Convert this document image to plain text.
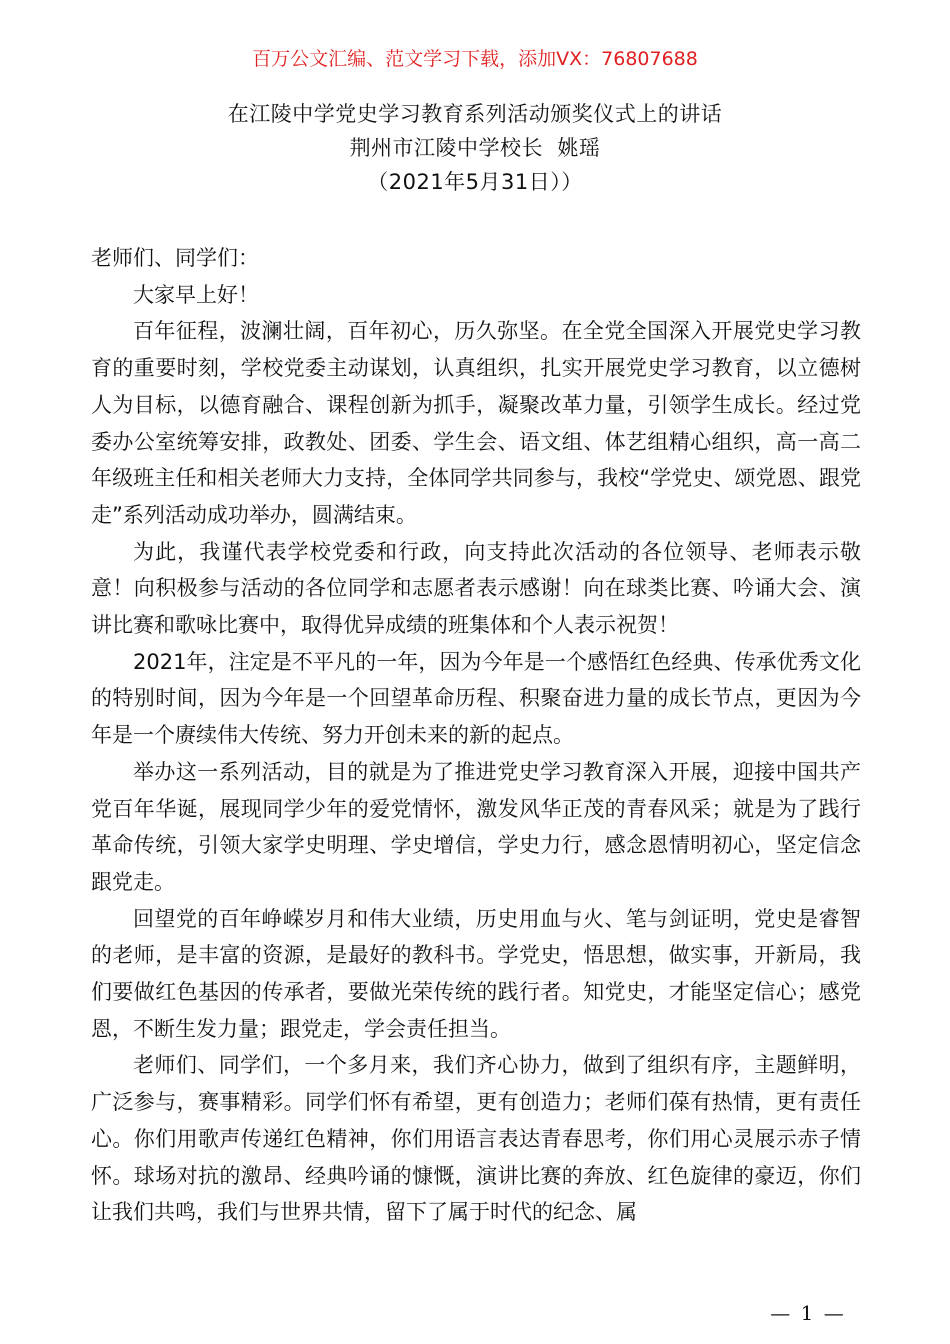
百万公文汇编、范文学习下载，添加VX：76807688
在江陵中学党史学习教育系列活动颁奖仪式上的讲话
荆州市江陵中学校长  姚瑶
（2021年5月31日））

老师们、同学们：

大家早上好！

百年征程，波澜壮阔，百年初心，历久弥坚。在全党全国深入开展党史学习教育的重要时刻，学校党委主动谋划，认真组织，扎实开展党史学习教育，以立德树人为目标，以德育融合、课程创新为抓手，凝聚改革力量，引领学生成长。经过党委办公室统筹安排，政教处、团委、学生会、语文组、体艺组精心组织，高一高二年级班主任和相关老师大力支持，全体同学共同参与，我校“学党史、颂党恩、跟党走”系列活动成功举办，圆满结束。

为此，我谨代表学校党委和行政，向支持此次活动的各位领导、老师表示敬意！向积极参与活动的各位同学和志愿者表示感谢！向在球类比赛、吟诵大会、演讲比赛和歌咏比赛中，取得优异成绩的班集体和个人表示祝贺！

2021年，注定是不平凡的一年，因为今年是一个感悟红色经典、传承优秀文化的特别时间，因为今年是一个回望革命历程、积聚奋进力量的成长节点，更因为今年是一个赓续伟大传统、努力开创未来的新的起点。

举办这一系列活动，目的就是为了推进党史学习教育深入开展，迎接中国共产党百年华诞，展现同学少年的爱党情怀，激发风华正茂的青春风采；就是为了践行革命传统，引领大家学史明理、学史增信，学史力行，感念恩情明初心，坚定信念跟党走。

回望党的百年峥嵘岁月和伟大业绩，历史用血与火、笔与剑证明，党史是睿智的老师，是丰富的资源，是最好的教科书。学党史，悟思想，做实事，开新局，我们要做红色基因的传承者，要做光荣传统的践行者。知党史，才能坚定信心；感党恩，不断生发力量；跟党走，学会责任担当。

老师们、同学们，一个多月来，我们齐心协力，做到了组织有序，主题鲜明，广泛参与，赛事精彩。同学们怀有希望，更有创造力；老师们葆有热情，更有责任心。你们用歌声传递红色精神，你们用语言表达青春思考，你们用心灵展示赤子情怀。球场对抗的激昂、经典吟诵的慷慨，演讲比赛的奔放、红色旋律的豪迈，你们让我们共鸣，我们与世界共情，留下了属于时代的纪念、属

— 1 —
